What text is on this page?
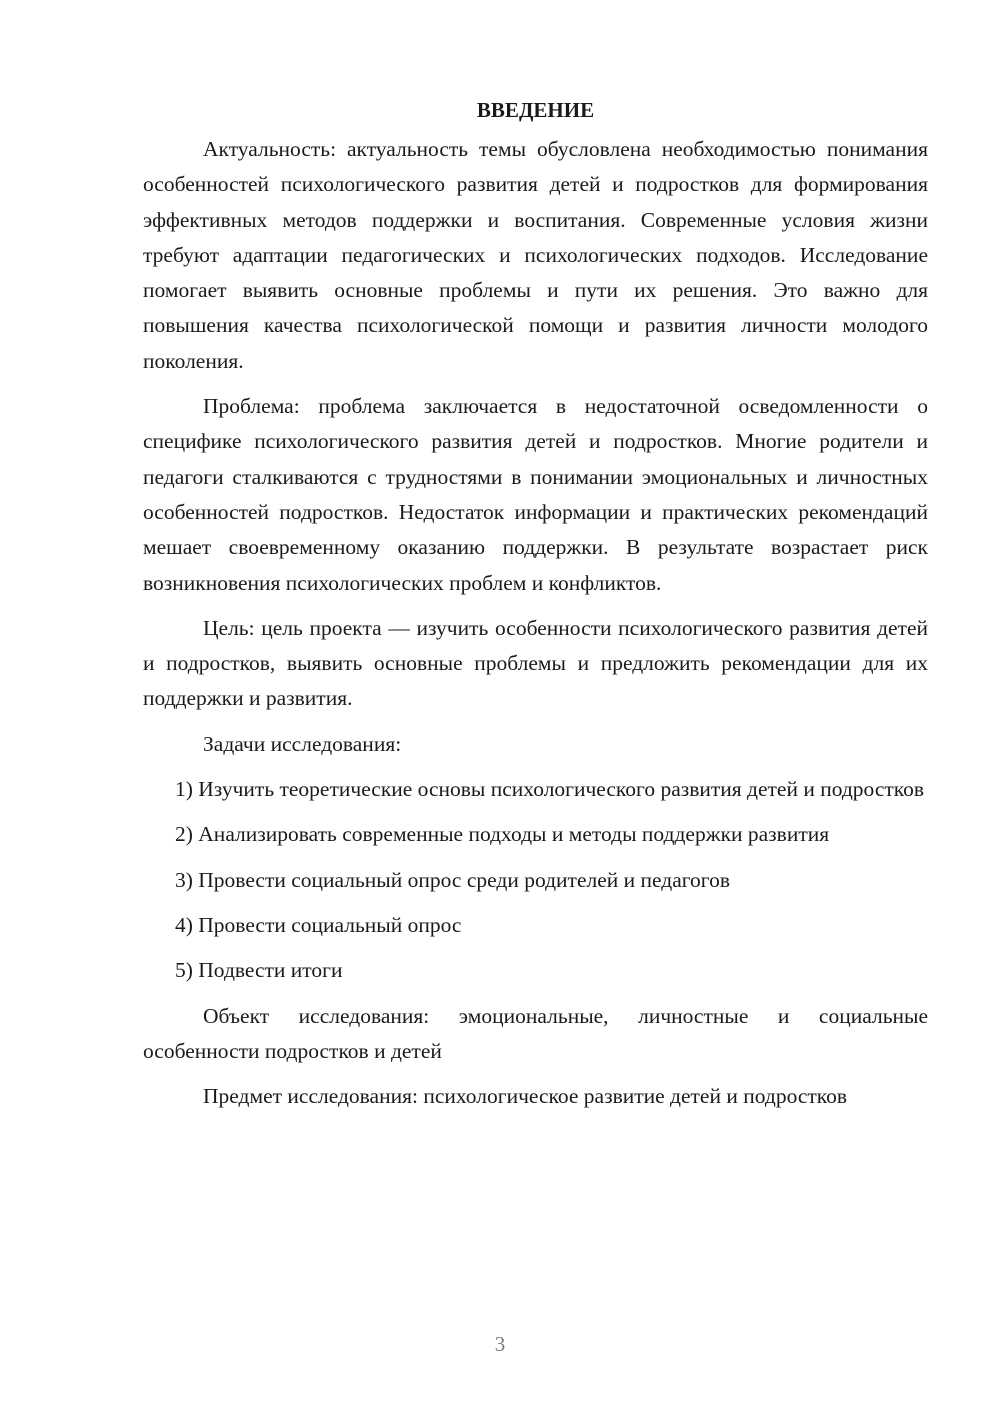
ВВЕДЕНИЕ

Актуальность: актуальность темы обусловлена необходимостью понимания особенностей психологического развития детей и подростков для формирования эффективных методов поддержки и воспитания. Современные условия жизни требуют адаптации педагогических и психологических подходов. Исследование помогает выявить основные проблемы и пути их решения. Это важно для повышения качества психологической помощи и развития личности молодого поколения.

Проблема: проблема заключается в недостаточной осведомленности о специфике психологического развития детей и подростков. Многие родители и педагоги сталкиваются с трудностями в понимании эмоциональных и личностных особенностей подростков. Недостаток информации и практических рекомендаций мешает своевременному оказанию поддержки. В результате возрастает риск возникновения психологических проблем и конфликтов.

Цель: цель проекта — изучить особенности психологического развития детей и подростков, выявить основные проблемы и предложить рекомендации для их поддержки и развития.

Задачи исследования:

1) Изучить теоретические основы психологического развития детей и подростков

2) Анализировать современные подходы и методы поддержки развития

3) Провести социальный опрос среди родителей и педагогов

4) Провести социальный опрос

5) Подвести итоги

Объект исследования: эмоциональные, личностные и социальные особенности подростков и детей

Предмет исследования: психологическое развитие детей и подростков

3
